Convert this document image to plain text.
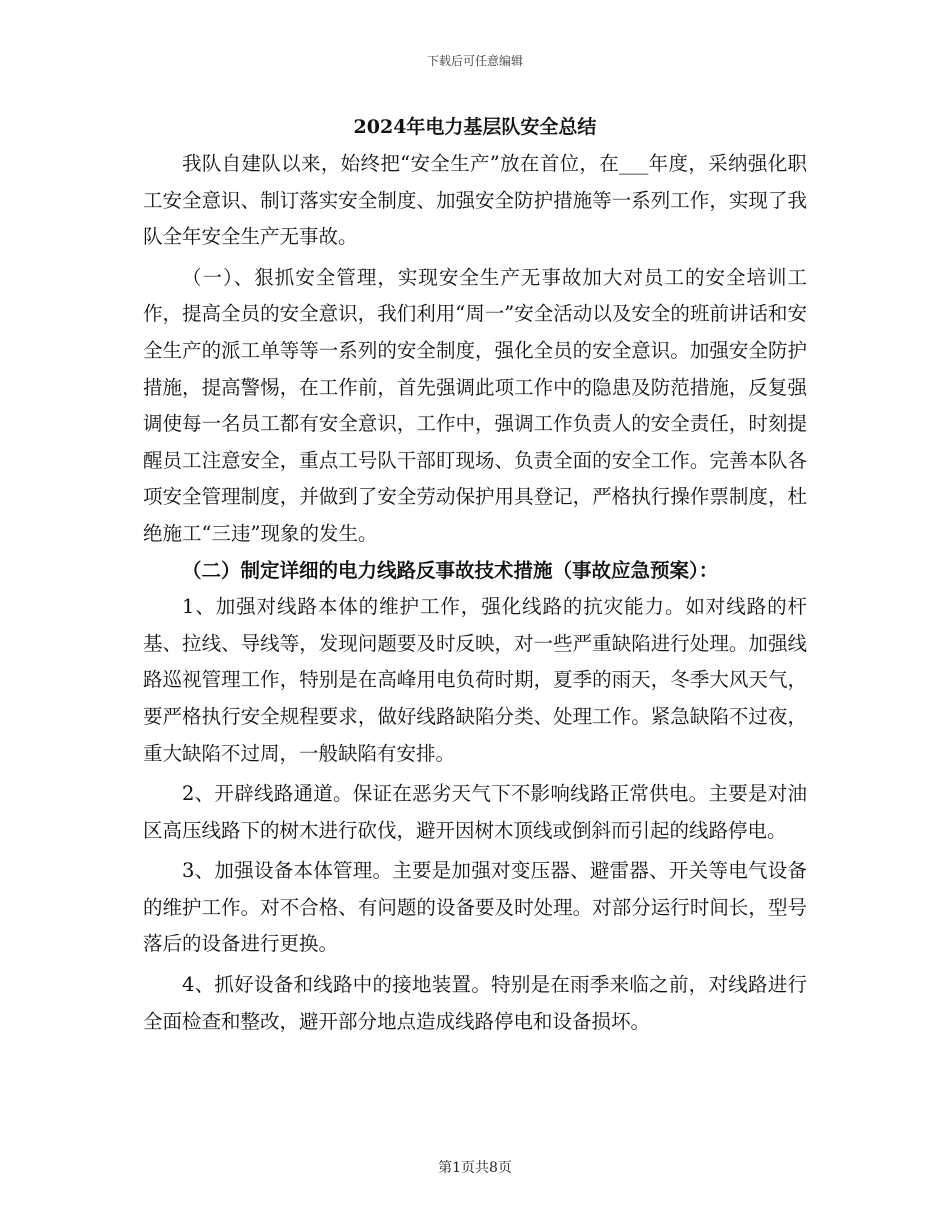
下载后可任意编辑
2024年电力基层队安全总结

我队自建队以来，始终把“安全生产”放在首位，在___年度，采纳强化职工安全意识、制订落实安全制度、加强安全防护措施等一系列工作，实现了我队全年安全生产无事故。

（一）、狠抓安全管理，实现安全生产无事故加大对员工的安全培训工作，提高全员的安全意识，我们利用“周一”安全活动以及安全的班前讲话和安全生产的派工单等等一系列的安全制度，强化全员的安全意识。加强安全防护措施，提高警惕，在工作前，首先强调此项工作中的隐患及防范措施，反复强调使每一名员工都有安全意识，工作中，强调工作负责人的安全责任，时刻提醒员工注意安全，重点工号队干部盯现场、负责全面的安全工作。完善本队各项安全管理制度，并做到了安全劳动保护用具登记，严格执行操作票制度，杜绝施工“三违”现象的发生。

（二）制定详细的电力线路反事故技术措施（事故应急预案）：

1、加强对线路本体的维护工作，强化线路的抗灾能力。如对线路的杆基、拉线、导线等，发现问题要及时反映，对一些严重缺陷进行处理。加强线路巡视管理工作，特别是在高峰用电负荷时期，夏季的雨天，冬季大风天气，要严格执行安全规程要求，做好线路缺陷分类、处理工作。紧急缺陷不过夜，重大缺陷不过周，一般缺陷有安排。

2、开辟线路通道。保证在恶劣天气下不影响线路正常供电。主要是对油区高压线路下的树木进行砍伐，避开因树木顶线或倒斜而引起的线路停电。

3、加强设备本体管理。主要是加强对变压器、避雷器、开关等电气设备的维护工作。对不合格、有问题的设备要及时处理。对部分运行时间长，型号落后的设备进行更换。

4、抓好设备和线路中的接地装置。特别是在雨季来临之前，对线路进行全面检查和整改，避开部分地点造成线路停电和设备损坏。

第1页共8页
